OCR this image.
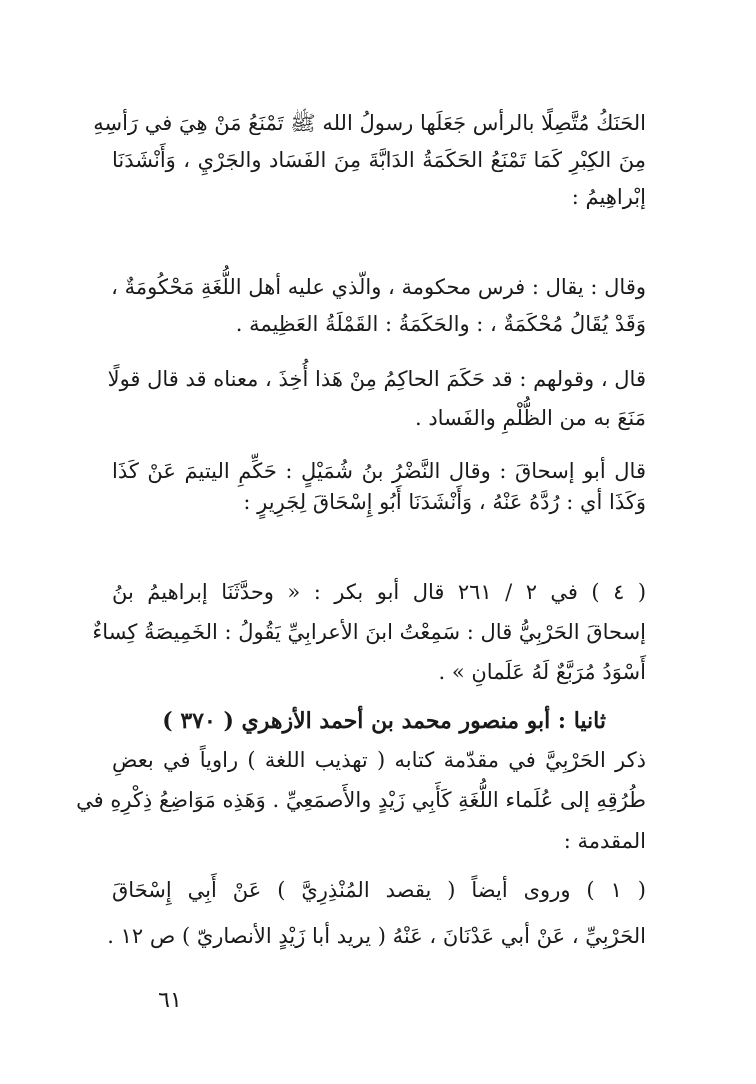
الحَنَكُ مُتَّصِلًا بالرأس جَعَلَها رسولُ الله ﷺ تَمْنَعُ مَنْ هِيَ في رَأسِهِ
مِنَ الكِبْرِ كَمَا تَمْنَعُ الحَكَمَةُ الدَابَّةَ مِنَ الفَسَاد والجَرْيِ ، وَأَنْشَدَنَا
إبْراهِيمُ :
وقال : يقال : فرس محكومة ، والّذي عليه أهل اللُّغَةِ مَحْكُومَةٌ ،
وَقَدْ يُقَالُ مُحْكَمَةٌ ، : والحَكَمَةُ : القَمْلَةُ العَظِيمة .
قال ، وقولهم : قد حَكَمَ الحاكِمُ مِنْ هَذا أُخِذَ ، معناه قد قال قولًا
مَنَعَ به من الظُّلْمِ والفَساد .
قال أبو إسحاقَ : وقال النَّضْرُ بنُ شُمَيْلٍ : حَكِّمِ اليتيمَ عَنْ كَذَا
وَكَذَا أي : رُدَّهُ عَنْهُ ، وَأَنْشَدَنَا أَبُو إِسْحَاقَ لِجَرِيرٍ :
( ٤ ) في ٢ / ٢٦١ قال أبو بكر : « وحدَّثَنَا إبراهيمُ بنُ
إسحاقَ الحَرْبِيُّ قال : سَمِعْتُ ابنَ الأعرابِيِّ يَقُولُ : الخَمِيصَةُ كِساءٌ
أَسْوَدُ مُرَبَّعٌ لَهُ عَلَمانِ » .
ثانيا : أبو منصور محمد بن أحمد الأزهري ( ٣٧٠ )
ذكر الحَرْبِيَّ في مقدّمة كتابه ( تهذيب اللغة ) راوياً في بعضِ
طُرُقِهِ إلى عُلَماء اللُّغَةِ كَأَبِي زَيْدٍ والأَصمَعِيِّ . وَهَذِه مَوَاضِعُ ذِكْرِهِ في
المقدمة :
( ١ ) وروى أيضاً ( يقصد المُنْذِرِيَّ ) عَنْ أَبِي إِسْحَاقَ
الحَرْبِيِّ ، عَنْ أبي عَدْنَانَ ، عَنْهُ ( يريد أبا زَيْدٍ الأنصاريّ ) ص ١٢ .
٦١
